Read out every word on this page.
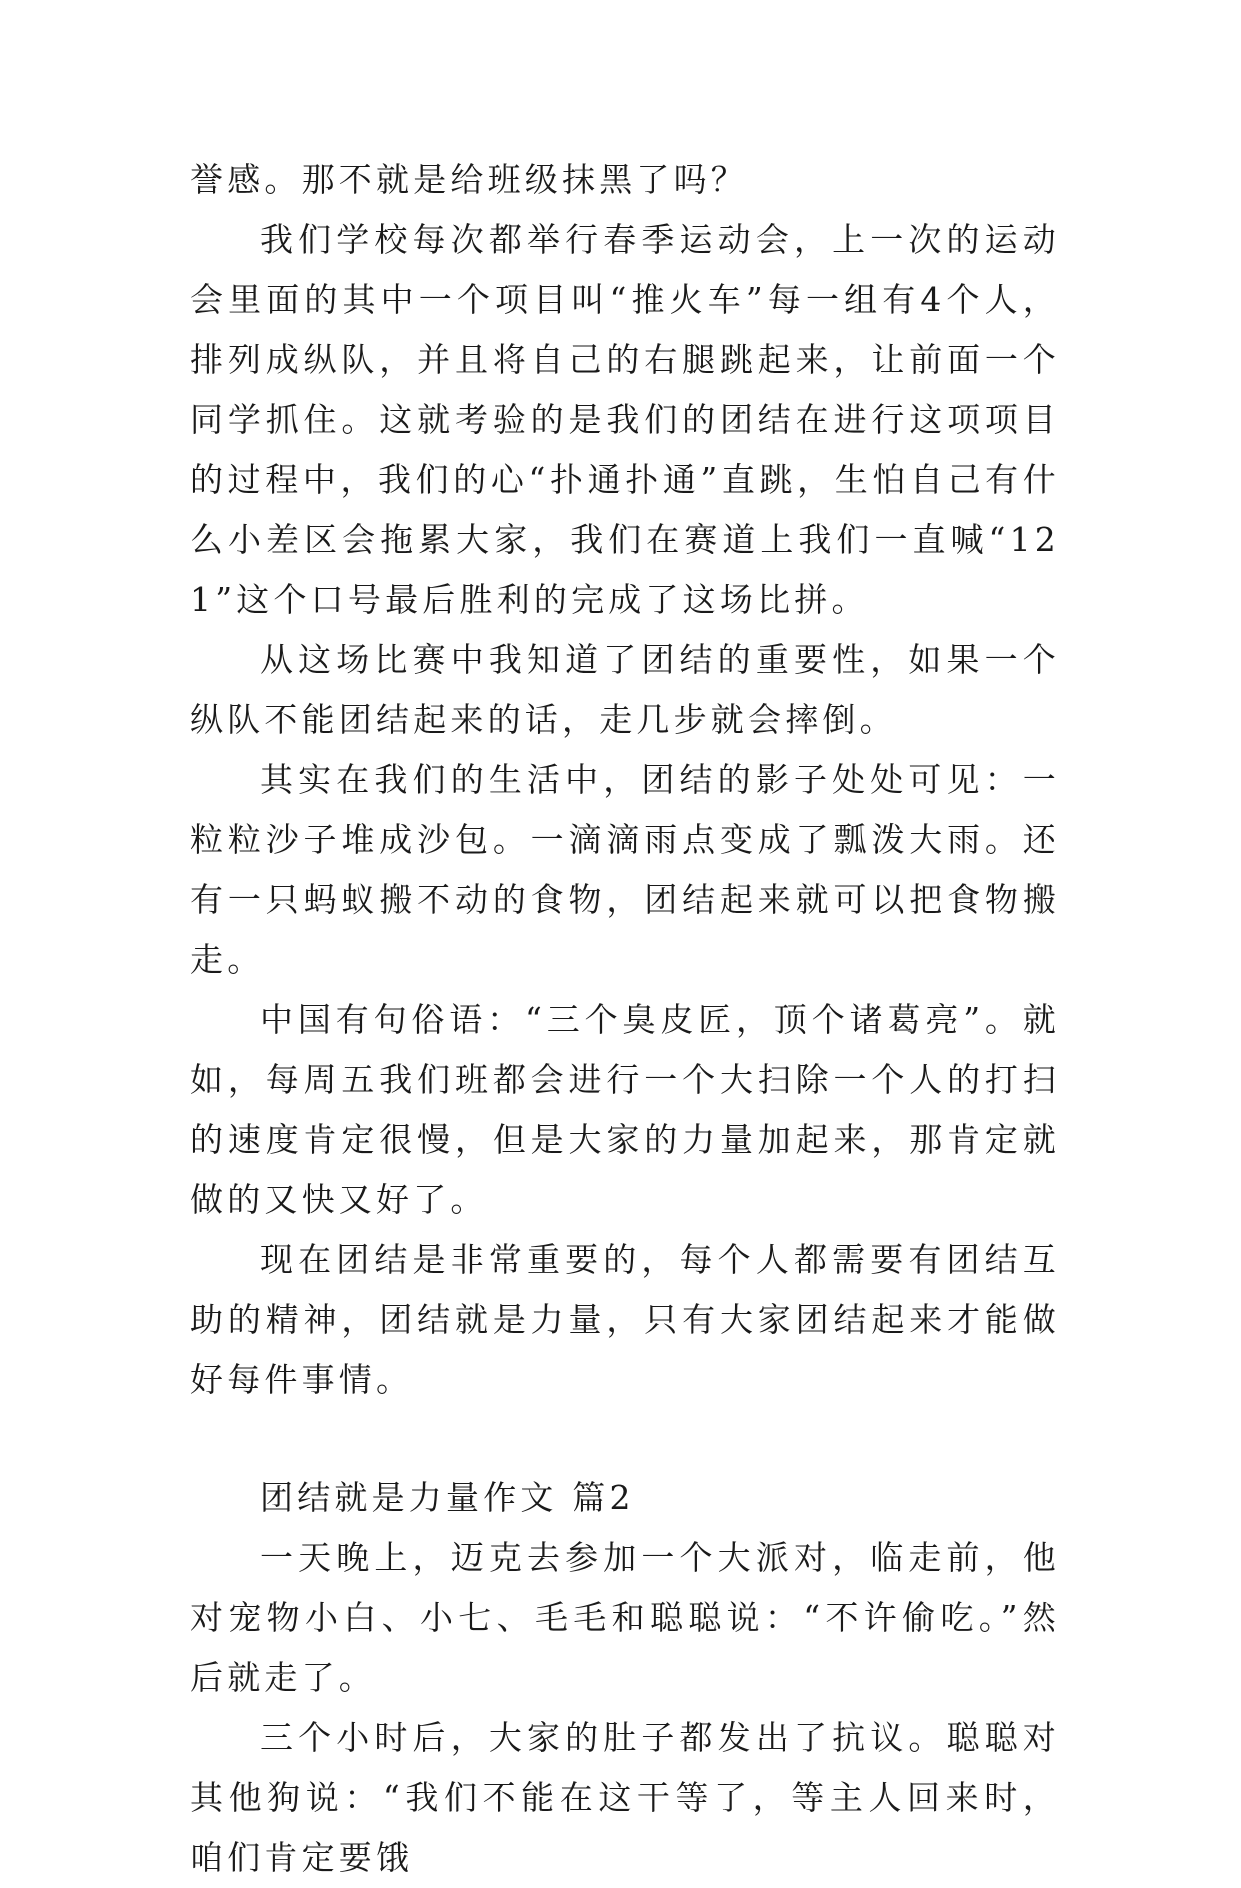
誉感。那不就是给班级抹黑了吗？

我们学校每次都举行春季运动会，上一次的运动会里面的其中一个项目叫“推火车”每一组有4个人，排列成纵队，并且将自己的右腿跳起来，让前面一个同学抓住。这就考验的是我们的团结在进行这项项目的过程中，我们的心“扑通扑通”直跳，生怕自己有什么小差区会拖累大家，我们在赛道上我们一直喊“121”这个口号最后胜利的完成了这场比拼。

从这场比赛中我知道了团结的重要性，如果一个纵队不能团结起来的话，走几步就会摔倒。

其实在我们的生活中，团结的影子处处可见：一粒粒沙子堆成沙包。一滴滴雨点变成了瓢泼大雨。还有一只蚂蚁搬不动的食物，团结起来就可以把食物搬走。

中国有句俗语：“三个臭皮匠，顶个诸葛亮”。就如，每周五我们班都会进行一个大扫除一个人的打扫的速度肯定很慢，但是大家的力量加起来，那肯定就做的又快又好了。

现在团结是非常重要的，每个人都需要有团结互助的精神，团结就是力量，只有大家团结起来才能做好每件事情。

团结就是力量作文 篇2

一天晚上，迈克去参加一个大派对，临走前，他对宠物小白、小七、毛毛和聪聪说：“不许偷吃。”然后就走了。

三个小时后，大家的肚子都发出了抗议。聪聪对其他狗说：“我们不能在这干等了，等主人回来时，咱们肯定要饿
